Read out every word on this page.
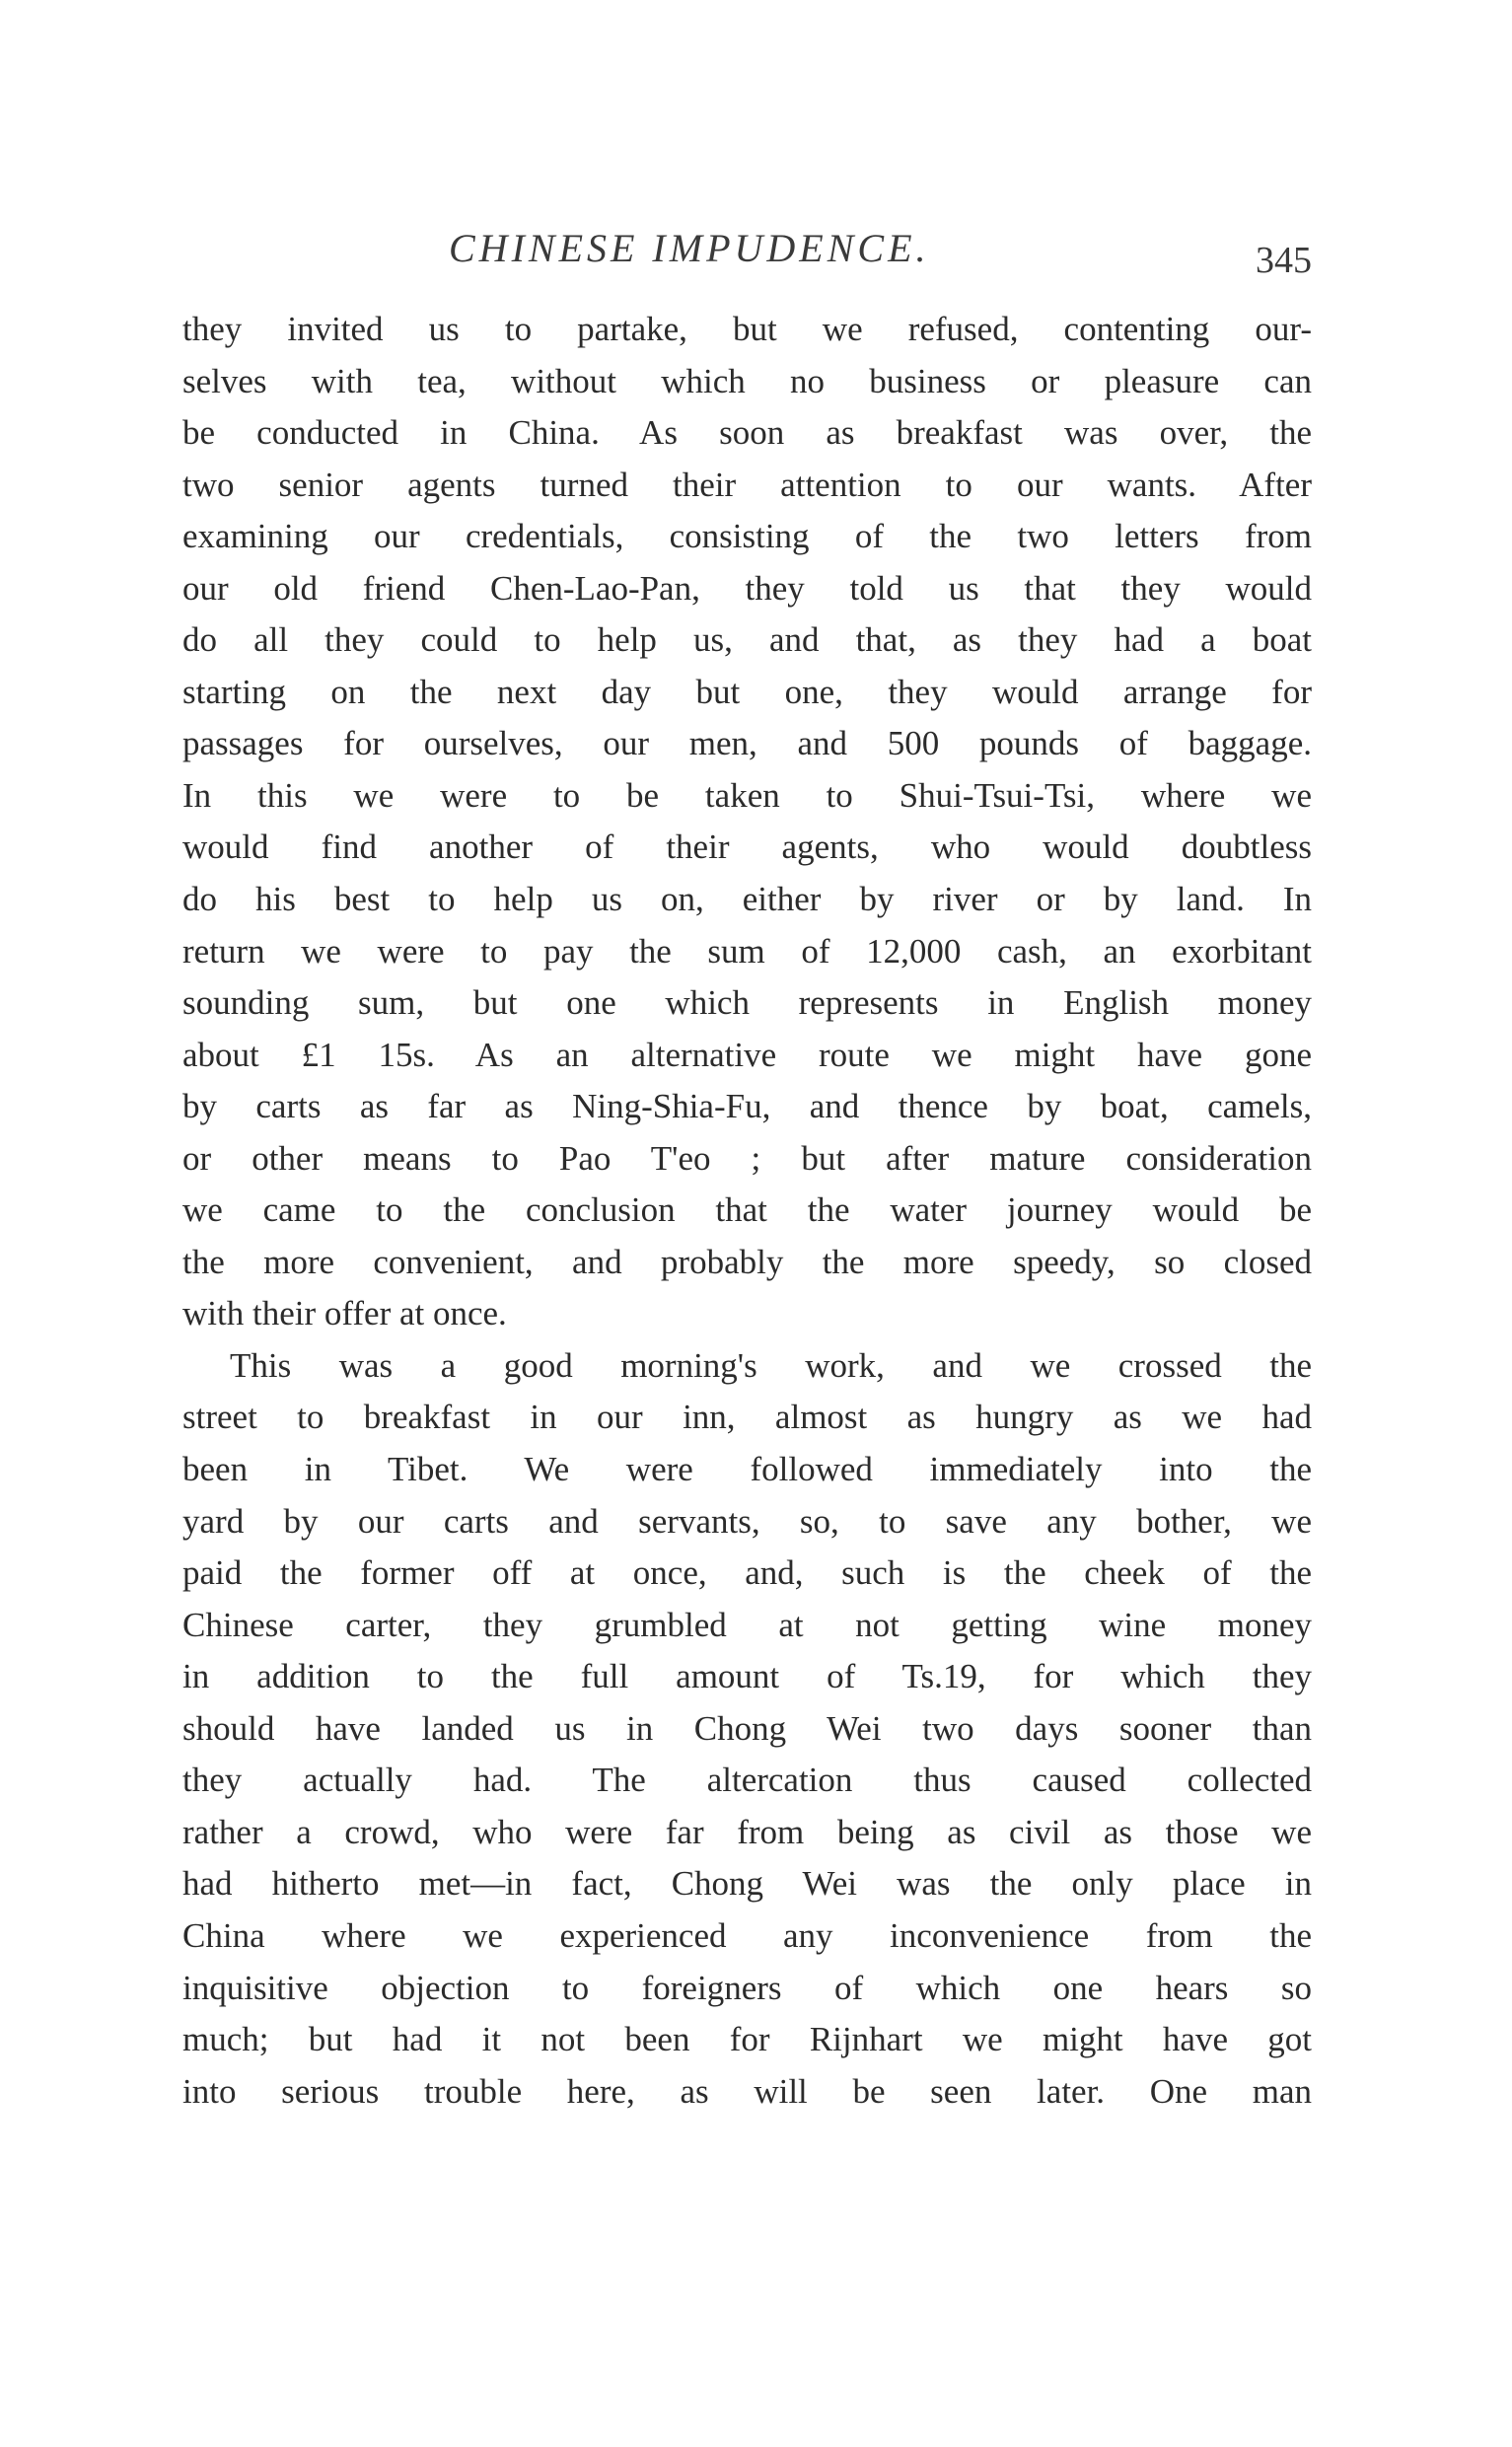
CHINESE IMPUDENCE.	345
they invited us to partake, but we refused, contenting our-
selves with tea, without which no business or pleasure can
be conducted in China. As soon as breakfast was over, the
two senior agents turned their attention to our wants. After
examining our credentials, consisting of the two letters from
our old friend Chen-Lao-Pan, they told us that they would
do all they could to help us, and that, as they had a boat
starting on the next day but one, they would arrange for
passages for ourselves, our men, and 500 pounds of baggage.
In this we were to be taken to Shui-Tsui-Tsi, where we
would find another of their agents, who would doubtless
do his best to help us on, either by river or by land. In
return we were to pay the sum of 12,000 cash, an exorbitant
sounding sum, but one which represents in English money
about £1 15s. As an alternative route we might have gone
by carts as far as Ning-Shia-Fu, and thence by boat, camels,
or other means to Pao T'eo ; but after mature consideration
we came to the conclusion that the water journey would be
the more convenient, and probably the more speedy, so closed
with their offer at once.
This was a good morning's work, and we crossed the
street to breakfast in our inn, almost as hungry as we had
been in Tibet. We were followed immediately into the
yard by our carts and servants, so, to save any bother, we
paid the former off at once, and, such is the cheek of the
Chinese carter, they grumbled at not getting wine money
in addition to the full amount of Ts.19, for which they
should have landed us in Chong Wei two days sooner than
they actually had. The altercation thus caused collected
rather a crowd, who were far from being as civil as those we
had hitherto met—in fact, Chong Wei was the only place in
China where we experienced any inconvenience from the
inquisitive objection to foreigners of which one hears so
much; but had it not been for Rijnhart we might have got
into serious trouble here, as will be seen later. One man
